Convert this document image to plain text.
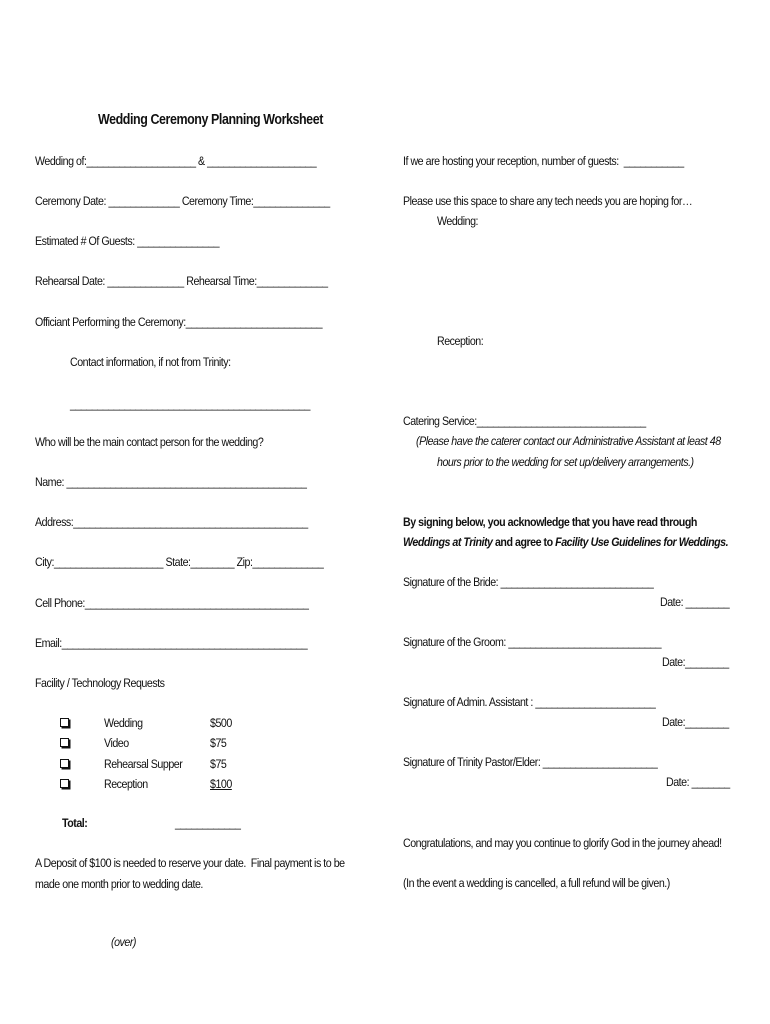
Wedding Ceremony Planning Worksheet
Wedding of:____________________ & ____________________
Ceremony Date: _____________ Ceremony Time:______________
Estimated # Of Guests: _______________
Rehearsal Date: ______________ Rehearsal Time:_____________
Officiant Performing the Ceremony:_________________________
Contact information, if not from Trinity:
____________________________________________
Who will be the main contact person for the wedding?
Name: ____________________________________________
Address:___________________________________________
City:____________________ State:________ Zip:_____________
Cell Phone:_________________________________________
Email:_____________________________________________
Facility / Technology Requests
Wedding	$500
Video	$75
Rehearsal Supper $75
Reception	$100
Total:	____________
A Deposit of $100 is needed to reserve your date.  Final payment is to be
made one month prior to wedding date.
(over)
If we are hosting your reception, number of guests:  ___________
Please use this space to share any tech needs you are hoping for…
Wedding:
Reception:
Catering Service:_______________________________
(Please have the caterer contact our Administrative Assistant at least 48
hours prior to the wedding for set up/delivery arrangements.)
By signing below, you acknowledge that you have read through
Weddings at Trinity and agree to Facility Use Guidelines for Weddings.
Signature of the Bride: ____________________________
Date: ________
Signature of the Groom: ____________________________
Date:________
Signature of Admin. Assistant : ______________________
Date:________
Signature of Trinity Pastor/Elder: _____________________
Date: _______
Congratulations, and may you continue to glorify God in the journey ahead!
(In the event a wedding is cancelled, a full refund will be given.)
